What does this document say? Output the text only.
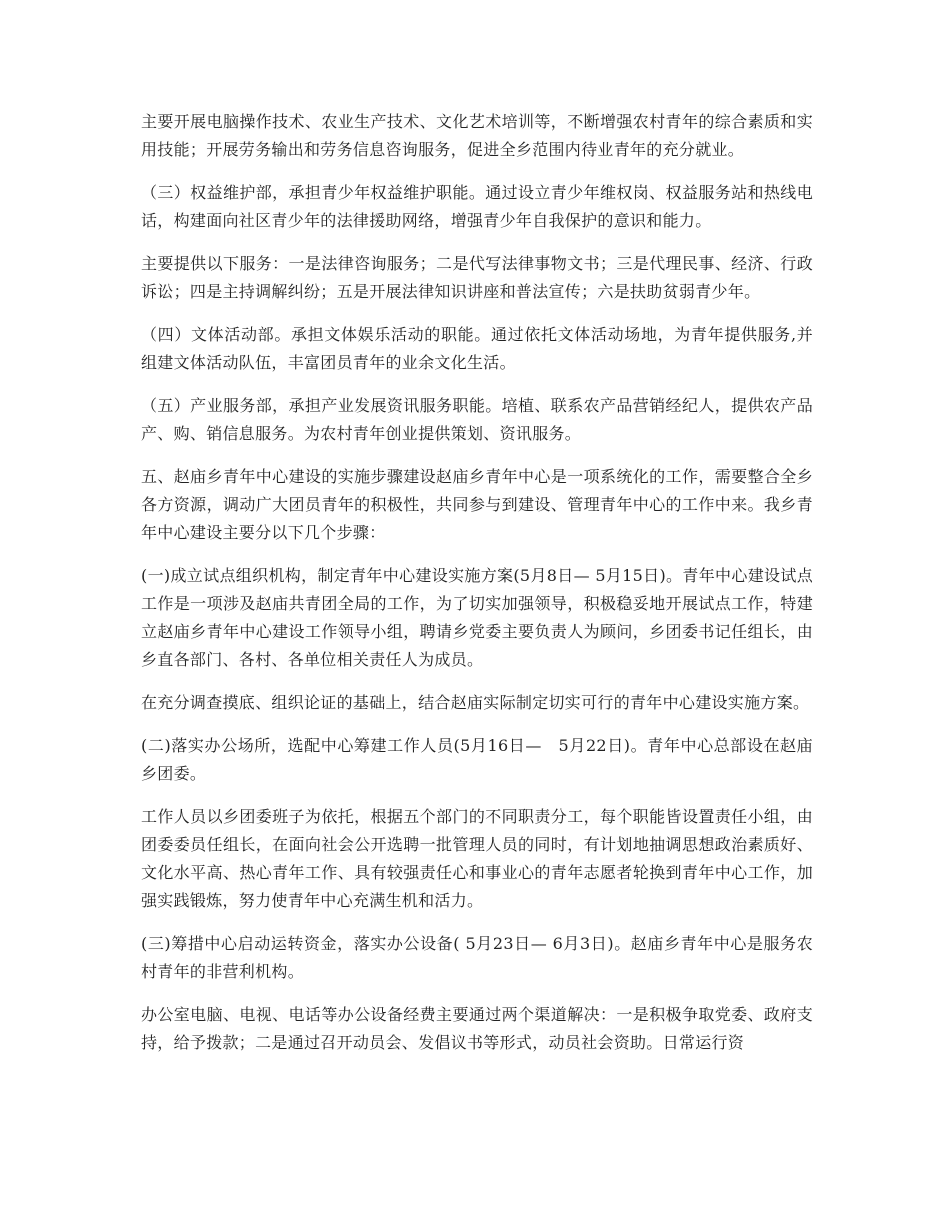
主要开展电脑操作技术、农业生产技术、文化艺术培训等，不断增强农村青年的综合素质和实用技能；开展劳务输出和劳务信息咨询服务，促进全乡范围内待业青年的充分就业。

（三）权益维护部，承担青少年权益维护职能。通过设立青少年维权岗、权益服务站和热线电话，构建面向社区青少年的法律援助网络，增强青少年自我保护的意识和能力。

主要提供以下服务：一是法律咨询服务；二是代写法律事物文书；三是代理民事、经济、行政诉讼；四是主持调解纠纷；五是开展法律知识讲座和普法宣传；六是扶助贫弱青少年。

（四）文体活动部。承担文体娱乐活动的职能。通过依托文体活动场地，为青年提供服务,并组建文体活动队伍，丰富团员青年的业余文化生活。

（五）产业服务部，承担产业发展资讯服务职能。培植、联系农产品营销经纪人，提供农产品产、购、销信息服务。为农村青年创业提供策划、资讯服务。

五、赵庙乡青年中心建设的实施步骤建设赵庙乡青年中心是一项系统化的工作，需要整合全乡各方资源，调动广大团员青年的积极性，共同参与到建设、管理青年中心的工作中来。我乡青年中心建设主要分以下几个步骤：

(一)成立试点组织机构，制定青年中心建设实施方案(5月8日— 5月15日)。青年中心建设试点工作是一项涉及赵庙共青团全局的工作，为了切实加强领导，积极稳妥地开展试点工作，特建立赵庙乡青年中心建设工作领导小组，聘请乡党委主要负责人为顾问，乡团委书记任组长，由乡直各部门、各村、各单位相关责任人为成员。

在充分调查摸底、组织论证的基础上，结合赵庙实际制定切实可行的青年中心建设实施方案。

(二)落实办公场所，选配中心筹建工作人员(5月16日—　5月22日)。青年中心总部设在赵庙乡团委。

工作人员以乡团委班子为依托，根据五个部门的不同职责分工，每个职能皆设置责任小组，由团委委员任组长，在面向社会公开选聘一批管理人员的同时，有计划地抽调思想政治素质好、文化水平高、热心青年工作、具有较强责任心和事业心的青年志愿者轮换到青年中心工作，加强实践锻炼，努力使青年中心充满生机和活力。

(三)筹措中心启动运转资金，落实办公设备( 5月23日— 6月3日)。赵庙乡青年中心是服务农村青年的非营利机构。

办公室电脑、电视、电话等办公设备经费主要通过两个渠道解决：一是积极争取党委、政府支持，给予拨款；二是通过召开动员会、发倡议书等形式，动员社会资助。日常运行资
